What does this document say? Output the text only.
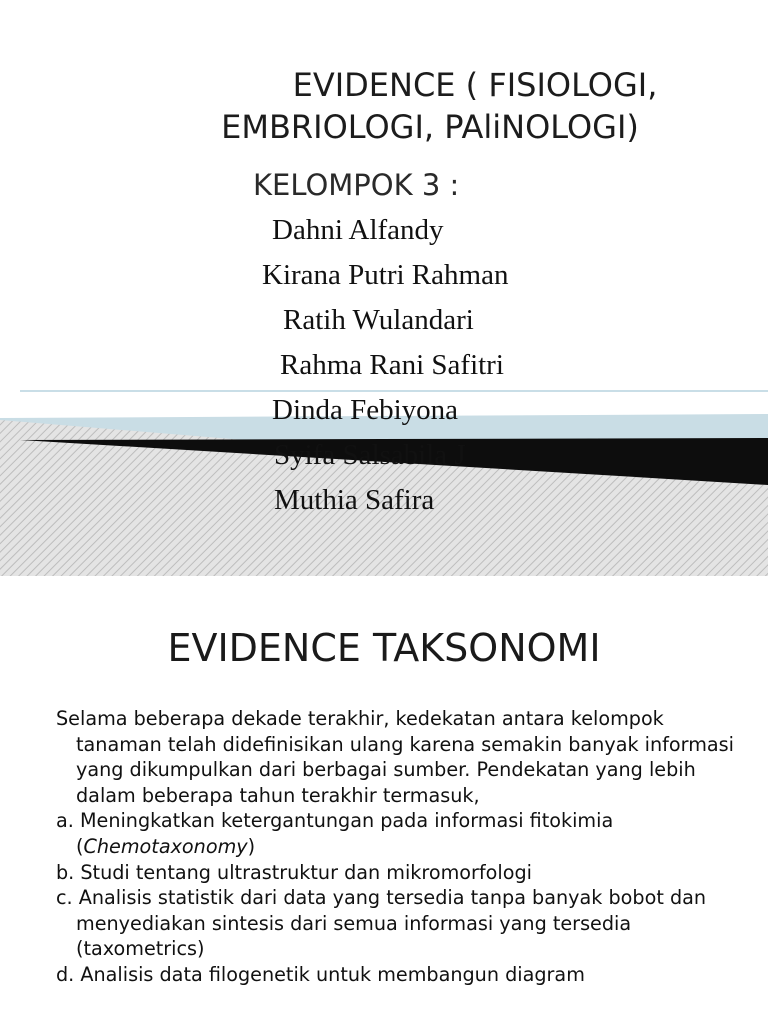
EVIDENCE ( FISIOLOGI,
EMBRIOLOGI, PAliNOLOGI)
KELOMPOK 3 :
Dahni Alfandy
Kirana Putri Rahman
Ratih Wulandari
Rahma Rani Safitri
Dinda Febiyona
Syifa Salsabila J
Muthia Safira
EVIDENCE TAKSONOMI

Selama beberapa dekade terakhir, kedekatan antara kelompok tanaman telah didefinisikan ulang karena semakin banyak informasi yang dikumpulkan dari berbagai sumber. Pendekatan yang lebih dalam beberapa tahun terakhir termasuk,

a. Meningkatkan ketergantungan pada informasi fitokimia (Chemotaxonomy)

b. Studi tentang ultrastruktur dan mikromorfologi

c. Analisis statistik dari data yang tersedia tanpa banyak bobot dan menyediakan sintesis dari semua informasi yang tersedia (taxometrics)

d. Analisis data filogenetik untuk membangun diagram
